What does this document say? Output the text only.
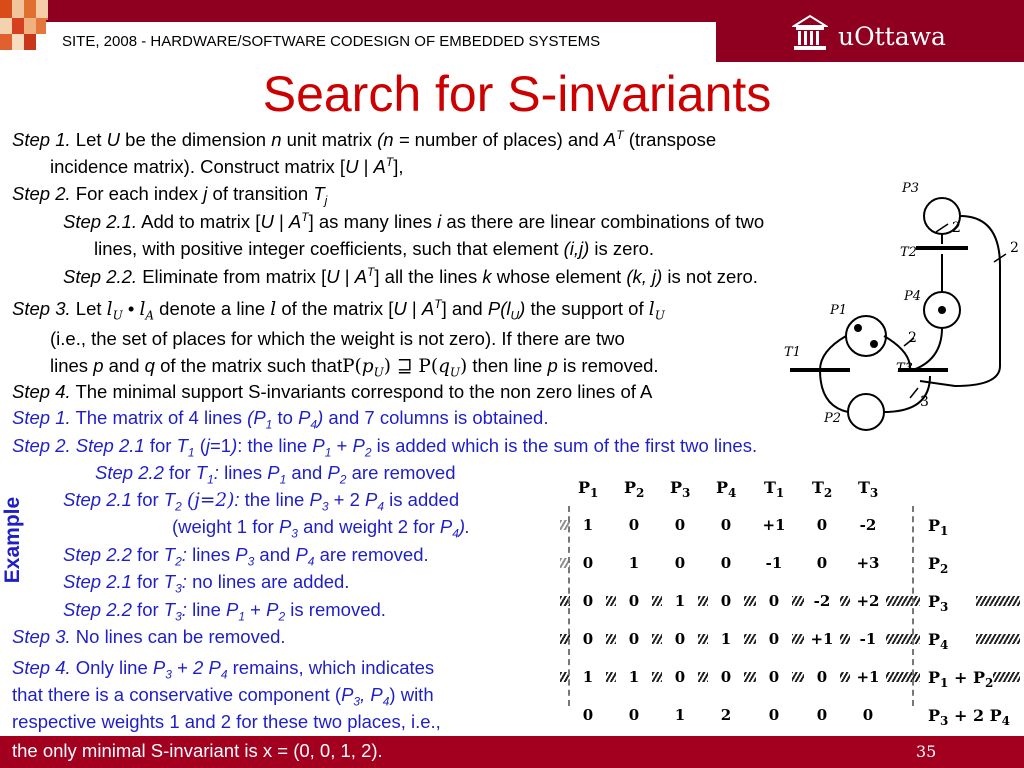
SITE, 2008 - HARDWARE/SOFTWARE CODESIGN OF EMBEDDED SYSTEMS	uOttawa
Search for S-invariants
Step 1. Let U be the dimension n unit matrix (n = number of places) and $A^T$ (transpose
incidence matrix). Construct matrix [U | $A^T$],
Step 2. For each index j of transition $T_j$
Step 2.1. Add to matrix [U | $A^T$] as many lines i as there are linear combinations of two
lines, with positive integer coefficients, such that element (i,j) is zero.
Step 2.2. Eliminate from matrix [U | $A^T$] all the lines k whose element (k, j) is not zero.
Step 3. Let $l_U$ • $l_A$ denote a line l of the matrix [U | $A^T$] and $P(l_U)$ the support of $l_U$
(i.e., the set of places for which the weight is not zero). If there are two
lines p and q of the matrix such $thatP(p_U)$ ⊒ $P(q_U)$ then line p is removed.
Step 4. The minimal support S-invariants correspond to the non zero lines of A
Step 1. The matrix of 4 lines ($P_1$ to $P_4$) and 7 columns is obtained.
Step 2. Step 2.1 for $T_1$ (j=1): the line $P_1 + P_2$ is added which is the sum of the first two lines.
Step 2.2 for $T_1$: lines $P_1$ and $P_2$ are removed
Step 2.1 for $T_2$ (j=2): the line $P_3 + 2$ $P_4$ is added
(weight 1 for $P_3$ and weight 2 for $P_4$).
Step 2.2 for $T_2$: lines $P_3$ and $P_4$ are removed.
Step 2.1 for $T_3$: no lines are added.
Step 2.2 for $T_3$: line $P_1 + P_2$ is removed.
Step 3. No lines can be removed.
Step 4. Only line $P_3 + 2$ $P_4$ remains, which indicates
that there is a conservative component ($P_3$, $P_4$) with
respective weights 1 and 2 for these two places, i.e.,
Example
P3
T2
P4
P1
T1
T3
P2
2
2
2
3
$P_1$ $P_2$ $P_3$ $P_4$ $T_1$ $T_2$ $T_3$
1	0	0	0	+1	0	-2	$P_1$
0	1	0	0	-1	0	+3	$P_2$
0	0	1	0	0	-2	+2	$P_3$
0	0	0	1	0	+1	-1	$P_4$
1	1	0	0	0	0	+1	$P_1 + P_2$
0	0	1	2	0	0	0	$P_3 + 2$ $P_4$
the only minimal S-invariant is x = (0, 0, 1, 2).	35
